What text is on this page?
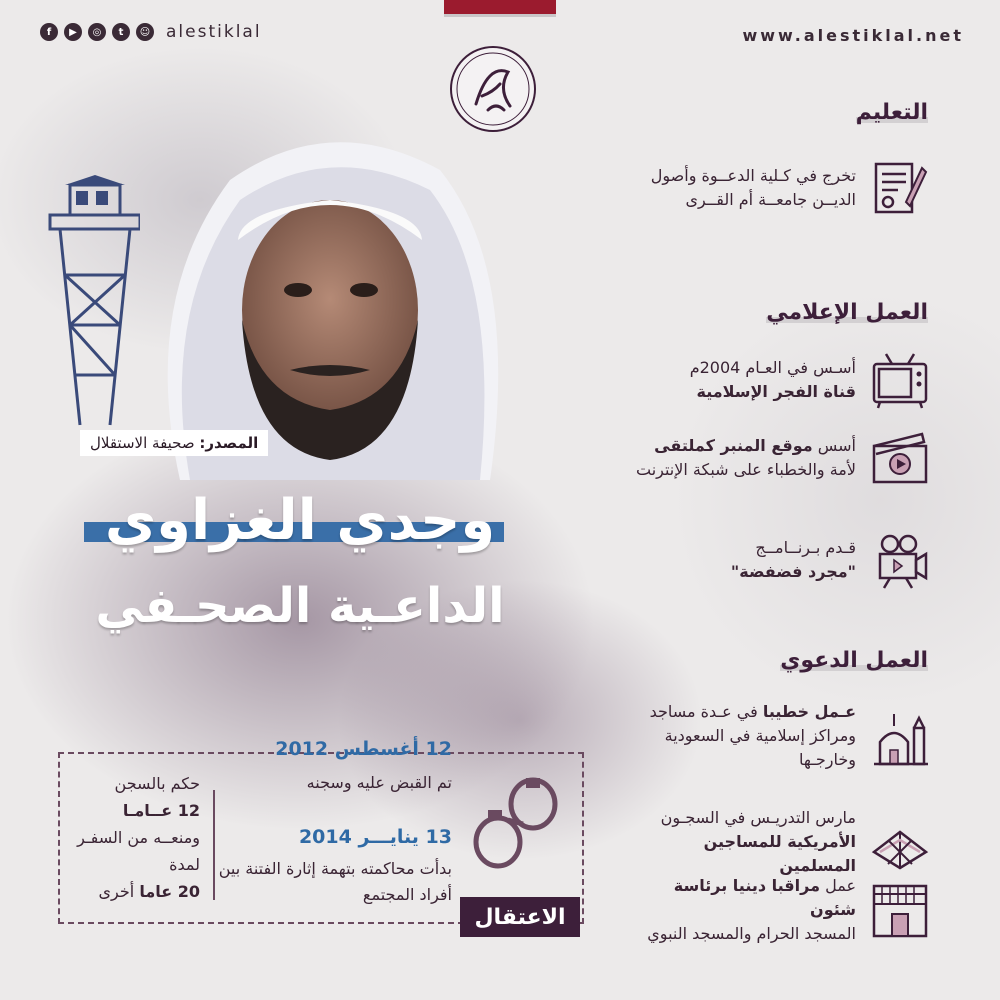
f	▶	◎	t	☺ alestiklal	www.alestiklal.net
المصدر: صحيفة الاستقلال
وجدي الغزاوي
الداعـية الصحـفي
التعليم
تخرج في كـلية الدعــوة وأصول الديــن جامعــة أم القــرى
العمل الإعلامي
أسـس في العـام 2004م
قناة الفجر الإسلامية
أسس موقع المنبر كملتقى
لأمة والخطباء على شبكة الإنترنت
قـدم بـرنــامــج
"مجرد فضفضة"
العمل الدعوي
عـمل خطيبا في عـدة مساجد ومراكز إسلامية في السعودية وخارجـها
مارس التدريـس في السجـون
الأمريكية للمساجين المسلمين
عمل مراقبا دينيا برئاسة شئون
المسجد الحرام والمسجد النبوي
حكم بالسجن
12 عــامـا
ومنعــه من السفـر لمدة
20 عاما أخرى
12 أغسطس 2012
تم القبض عليه وسجنه
13 ينايـــر 2014
بدأت محاكمته بتهمة إثارة الفتنة بين أفراد المجتمع
الاعتقال
